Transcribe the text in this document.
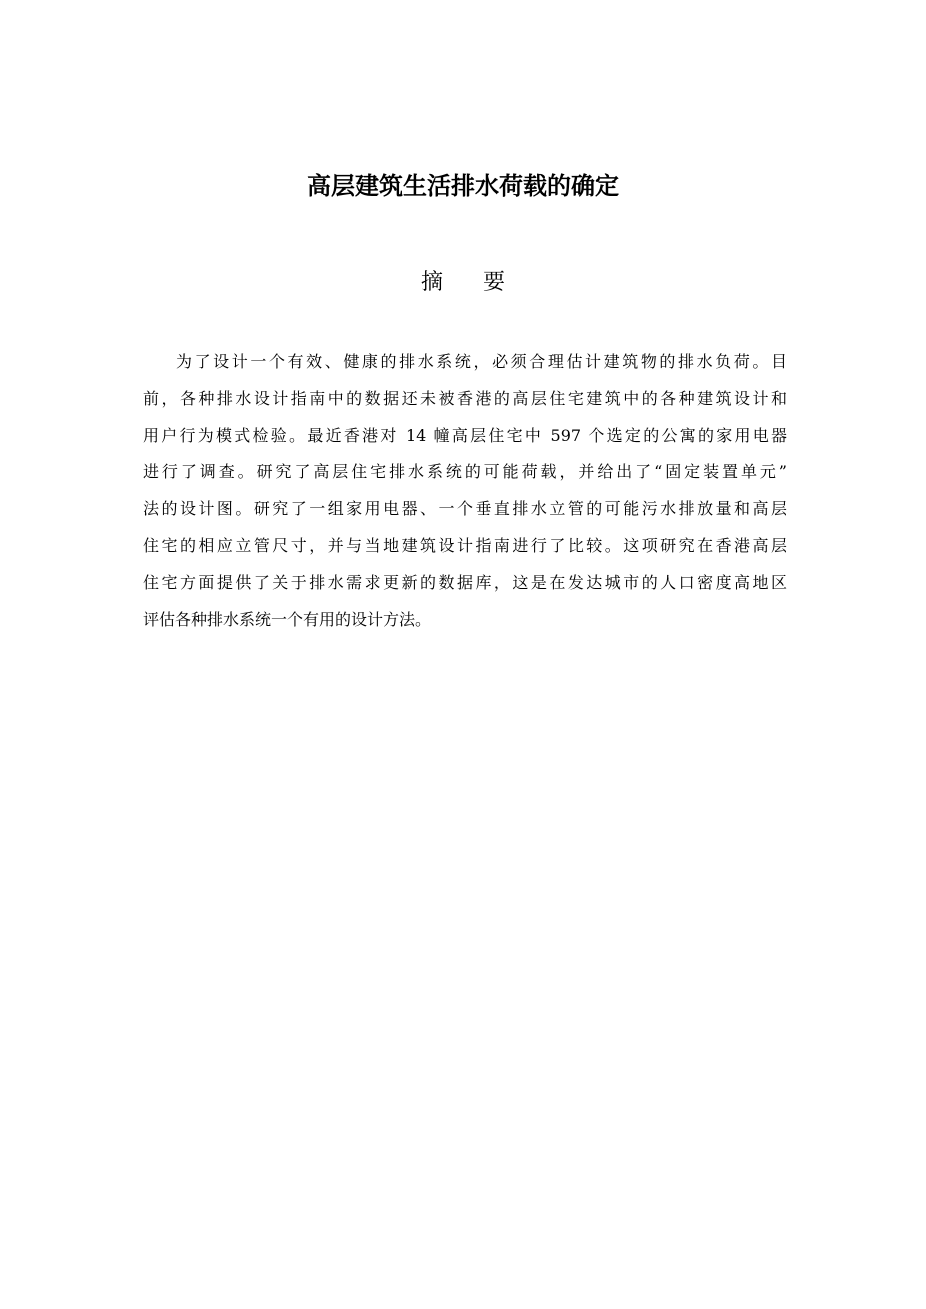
高层建筑生活排水荷载的确定
摘 要
为了设计一个有效、健康的排水系统，必须合理估计建筑物的排水负荷。目
前，各种排水设计指南中的数据还未被香港的高层住宅建筑中的各种建筑设计和
用户行为模式检验。最近香港对 14 幢高层住宅中 597 个选定的公寓的家用电器
进行了调查。研究了高层住宅排水系统的可能荷载，并给出了“固定装置单元”
法的设计图。研究了一组家用电器、一个垂直排水立管的可能污水排放量和高层
住宅的相应立管尺寸，并与当地建筑设计指南进行了比较。这项研究在香港高层
住宅方面提供了关于排水需求更新的数据库，这是在发达城市的人口密度高地区
评估各种排水系统一个有用的设计方法。
